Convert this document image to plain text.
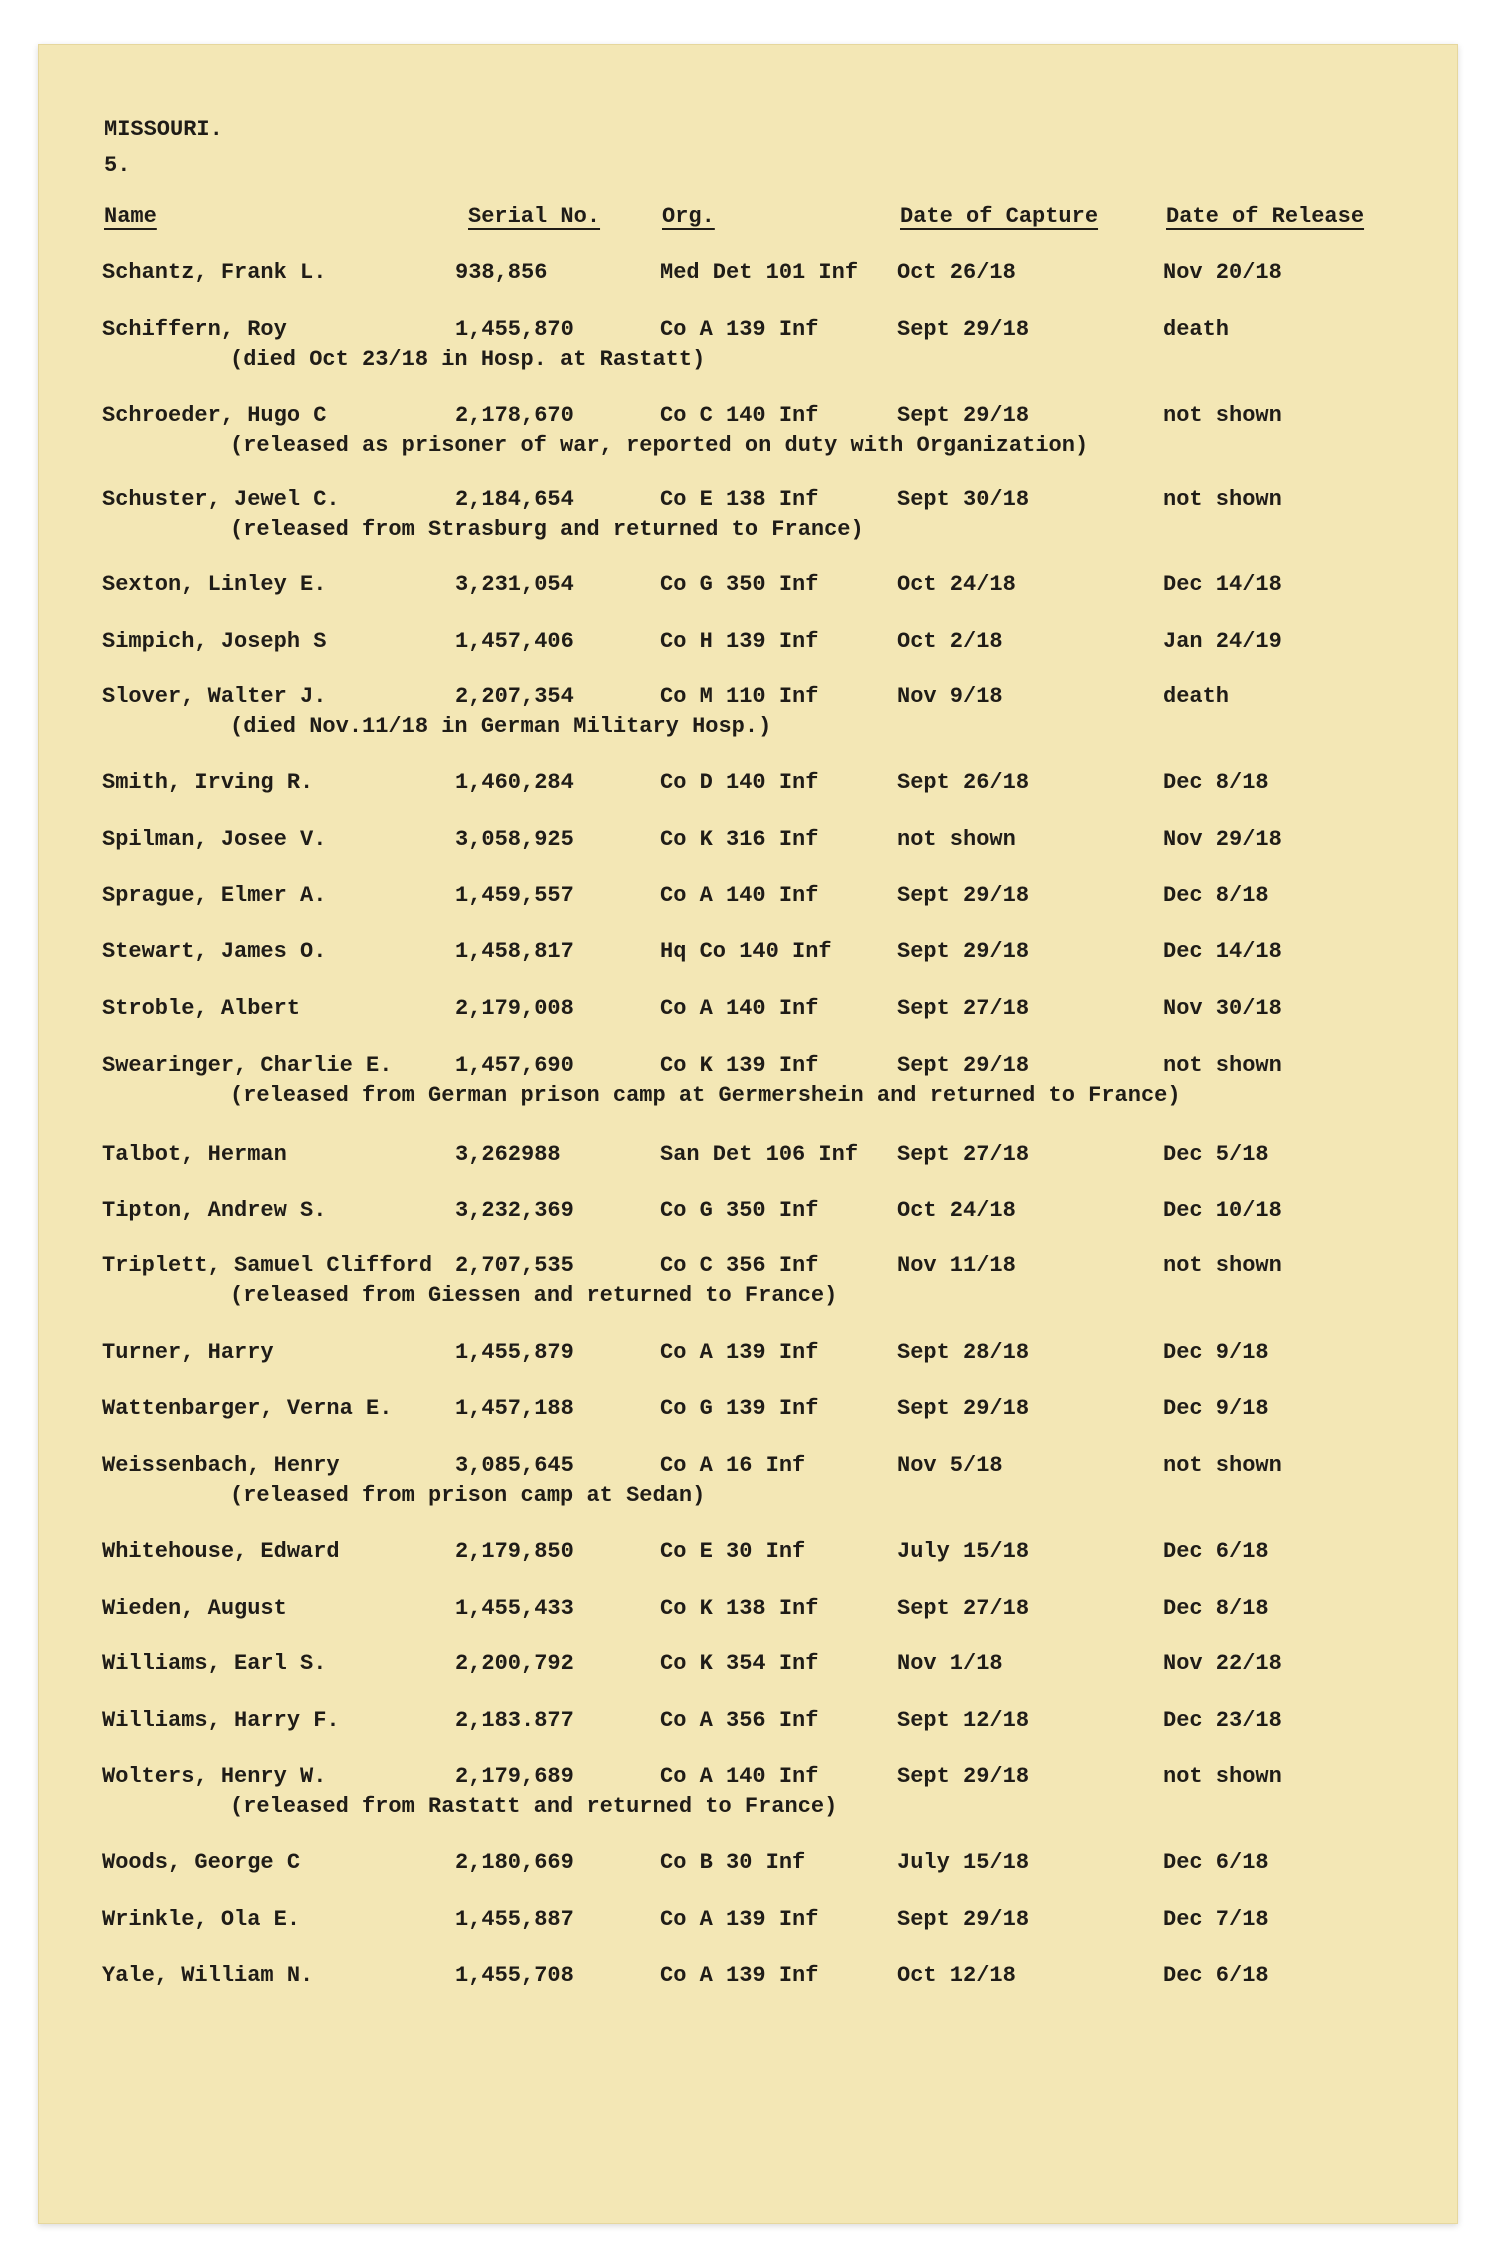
MISSOURI.
5.
Name	Serial No.	Org.	Date of Capture	Date of Release
Schantz, Frank L.	938,856	Med Det 101 Inf Oct 26/18	Nov 20/18
Schiffern, Roy	1,455,870	Co A 139 Inf	Sept 29/18	death
(died Oct 23/18 in Hosp. at Rastatt)
Schroeder, Hugo C	2,178,670	Co C 140 Inf	Sept 29/18	not shown
(released as prisoner of war, reported on duty with Organization)
Schuster, Jewel C.	2,184,654	Co E 138 Inf	Sept 30/18	not shown
(released from Strasburg and returned to France)
Sexton, Linley E.	3,231,054	Co G 350 Inf	Oct 24/18	Dec 14/18
Simpich, Joseph S	1,457,406	Co H 139 Inf	Oct 2/18	Jan 24/19
Slover, Walter J.	2,207,354	Co M 110 Inf	Nov 9/18	death
(died Nov.11/18 in German Military Hosp.)
Smith, Irving R.	1,460,284	Co D 140 Inf	Sept 26/18	Dec 8/18
Spilman, Josee V.	3,058,925	Co K 316 Inf	not shown	Nov 29/18
Sprague, Elmer A.	1,459,557	Co A 140 Inf	Sept 29/18	Dec 8/18
Stewart, James O.	1,458,817	Hq Co 140 Inf	Sept 29/18	Dec 14/18
Stroble, Albert	2,179,008	Co A 140 Inf	Sept 27/18	Nov 30/18
Swearinger, Charlie E.	1,457,690	Co K 139 Inf	Sept 29/18	not shown
(released from German prison camp at Germershein and returned to France)
Talbot, Herman	3,262988	San Det 106 Inf Sept 27/18	Dec 5/18
Tipton, Andrew S.	3,232,369	Co G 350 Inf	Oct 24/18	Dec 10/18
Triplett, Samuel Clifford 2,707,535	Co C 356 Inf	Nov 11/18	not shown
(released from Giessen and returned to France)
Turner, Harry	1,455,879	Co A 139 Inf	Sept 28/18	Dec 9/18
Wattenbarger, Verna E.	1,457,188	Co G 139 Inf	Sept 29/18	Dec 9/18
Weissenbach, Henry	3,085,645	Co A 16 Inf	Nov 5/18	not shown
(released from prison camp at Sedan)
Whitehouse, Edward	2,179,850	Co E 30 Inf	July 15/18	Dec 6/18
Wieden, August	1,455,433	Co K 138 Inf	Sept 27/18	Dec 8/18
Williams, Earl S.	2,200,792	Co K 354 Inf	Nov 1/18	Nov 22/18
Williams, Harry F.	2,183.877	Co A 356 Inf	Sept 12/18	Dec 23/18
Wolters, Henry W.	2,179,689	Co A 140 Inf	Sept 29/18	not shown
(released from Rastatt and returned to France)
Woods, George C	2,180,669	Co B 30 Inf	July 15/18	Dec 6/18
Wrinkle, Ola E.	1,455,887	Co A 139 Inf	Sept 29/18	Dec 7/18
Yale, William N.	1,455,708	Co A 139 Inf	Oct 12/18	Dec 6/18
